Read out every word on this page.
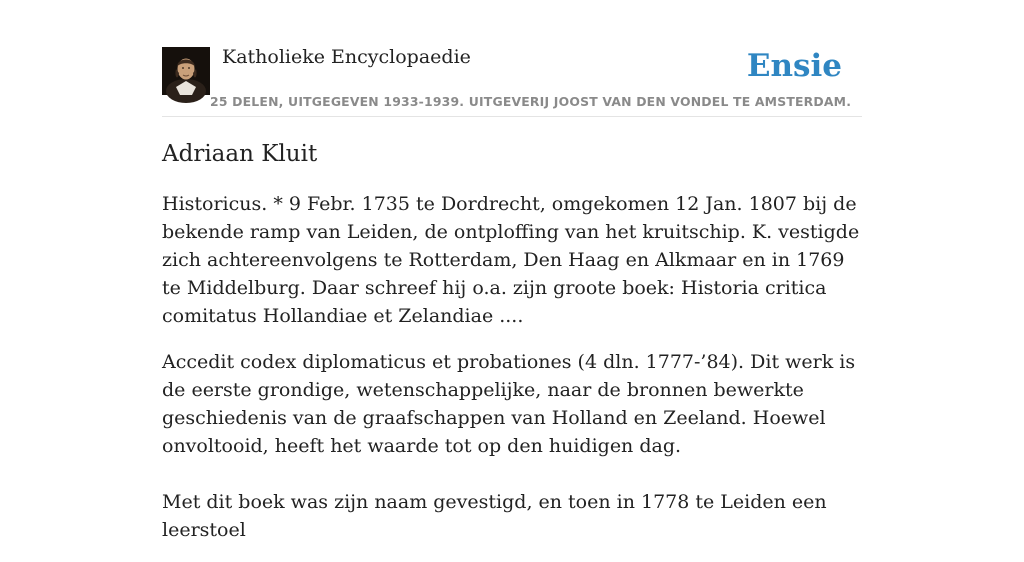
Katholieke Encyclopaedie
25 DELEN, UITGEGEVEN 1933-1939. UITGEVERIJ JOOST VAN DEN VONDEL TE AMSTERDAM.
Ensie
Adriaan Kluit

Historicus. * 9 Febr. 1735 te Dordrecht, omgekomen 12 Jan. 1807 bij de bekende ramp van Leiden, de ontploffing van het kruitschip. K. vestigde zich achtereenvolgens te Rotterdam, Den Haag en Alkmaar en in 1769 te Middelburg. Daar schreef hij o.a. zijn groote boek: Historia critica comitatus Hollandiae et Zelandiae ....

Accedit codex diplomaticus et probationes (4 dln. 1777-’84). Dit werk is de eerste grondige, wetenschappelijke, naar de bronnen bewerkte geschiedenis van de graafschappen van Holland en Zeeland. Hoewel onvoltooid, heeft het waarde tot op den huidigen dag.

Met dit boek was zijn naam gevestigd, en toen in 1778 te Leiden een leerstoel
